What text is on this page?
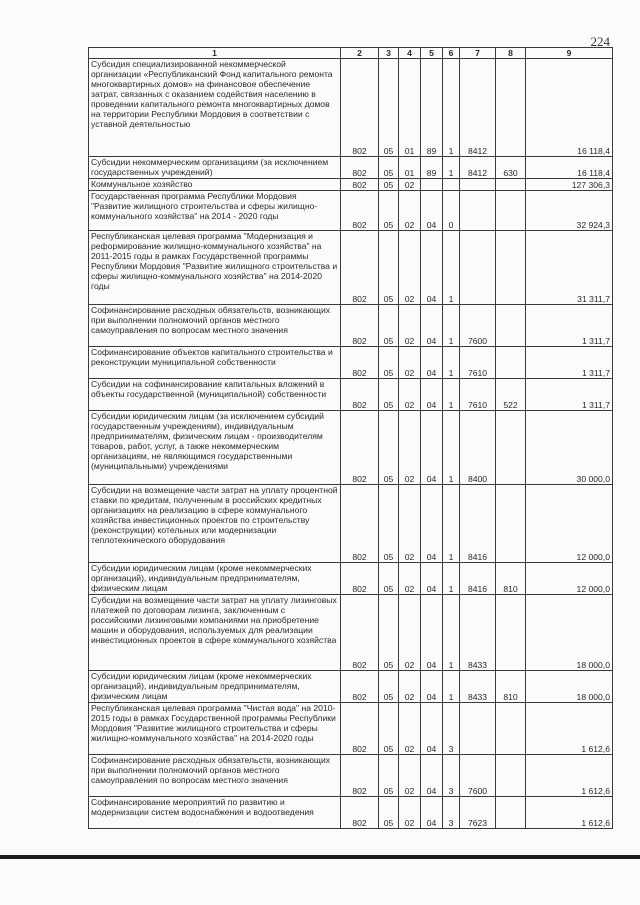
224
1	2	3	4	5	6	7	8	9
Субсидия специализированной некоммерческой организации «Республиканский Фонд капитального ремонта многоквартирных домов» на финансовое обеспечение затрат, связанных с оказанием содействия населению в проведении капитального ремонта многоквартирных домов на территории Республики Мордовия в соответствии с уставной деятельностью	802	05	01	89	1	8412		16 118,4
Субсидии некоммерческим организациям (за исключением государственных учреждений)	802	05	01	89	1	8412	630	16 118,4
Коммунальное хозяйство	802	05	02					127 306,3
Государственная программа Республики Мордовия "Развитие жилищного строительства и сферы жилищно-коммунального хозяйства" на 2014 - 2020 годы	802	05	02	04	0			32 924,3
Республиканская целевая программа "Модернизация и реформирование жилищно-коммунального хозяйства" на 2011-2015 годы в рамках Государственной программы Республики Мордовия "Развитие жилищного строительства и сферы жилищно-коммунального хозяйства" на 2014-2020 годы	802	05	02	04	1			31 311,7
Софинансирование расходных обязательств, возникающих при выполнении полномочий органов местного самоуправления по вопросам местного значения	802	05	02	04	1	7600		1 311,7
Софинансирование объектов капитального строительства и реконструкции муниципальной собственности	802	05	02	04	1	7610		1 311,7
Субсидии на софинансирование капитальных вложений в объекты государственной (муниципальной) собственности	802	05	02	04	1	7610	522	1 311,7
Субсидии юридическим лицам (за исключением субсидий государственным учреждениям), индивидуальным предпринимателям, физическим лицам - производителям товаров, работ, услуг, а также некоммерческим организациям, не являющимся государственными (муниципальными) учреждениями	802	05	02	04	1	8400		30 000,0
Субсидии на возмещение части затрат на уплату процентной ставки по кредитам, полученным в российских кредитных организациях на реализацию в сфере коммунального хозяйства инвестиционных проектов по строительству (реконструкции) котельных или модернизации теплотехнического оборудования	802	05	02	04	1	8416		12 000,0
Субсидии юридическим лицам (кроме некоммерческих организаций), индивидуальным предпринимателям, физическим лицам	802	05	02	04	1	8416	810	12 000,0
Субсидии на возмещение части затрат на уплату лизинговых платежей по договорам лизинга, заключенным с российскими лизинговыми компаниями на приобретение машин и оборудования, используемых для реализации инвестиционных проектов в сфере коммунального хозяйства	802	05	02	04	1	8433		18 000,0
Субсидии юридическим лицам (кроме некоммерческих организаций), индивидуальным предпринимателям, физическим лицам	802	05	02	04	1	8433	810	18 000,0
Республиканская целевая программа "Чистая вода" на 2010-2015 годы в рамках Государственной программы Республики Мордовия "Развитие жилищного строительства и сферы жилищно-коммунального хозяйства" на 2014-2020 годы	802	05	02	04	3			1 612,6
Софинансирование расходных обязательств, возникающих при выполнении полномочий органов местного самоуправления по вопросам местного значения	802	05	02	04	3	7600		1 612,6
Софинансирование мероприятий по развитию и модернизации систем водоснабжения и водоотведения	802	05	02	04	3	7623		1 612,6
